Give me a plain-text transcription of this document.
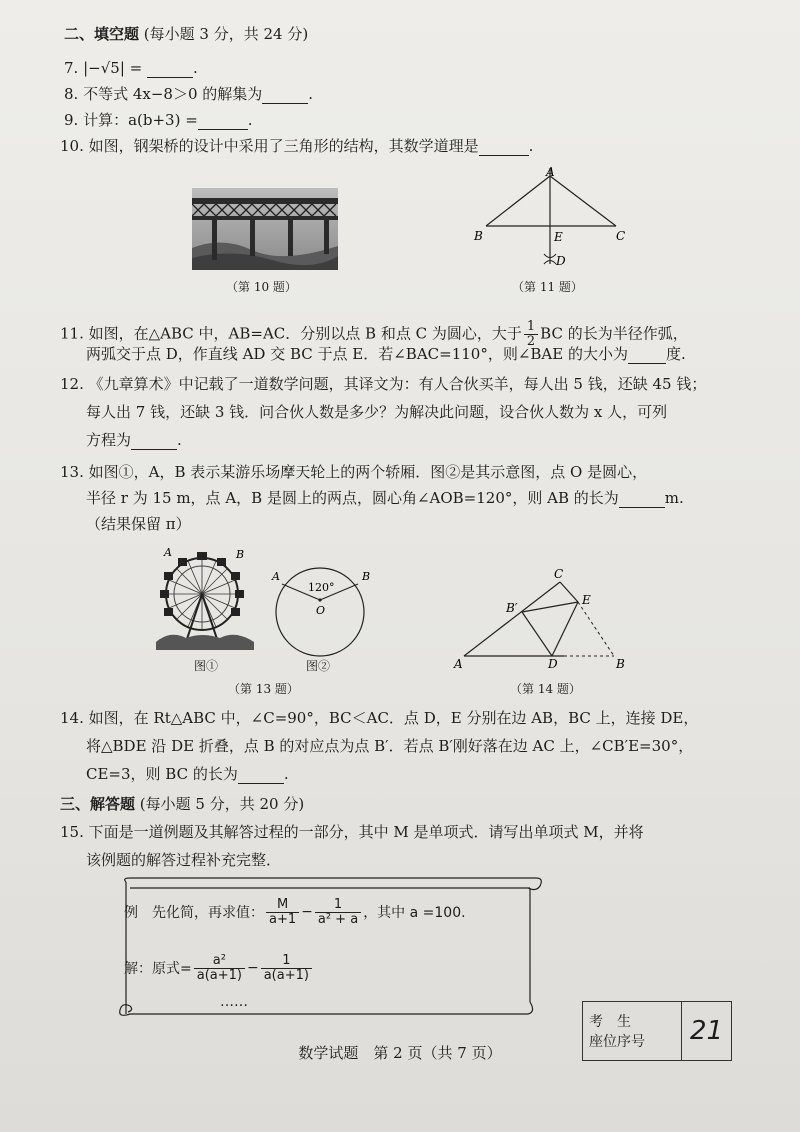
二、填空题 (每小题 3 分，共 24 分)
7. |−√5| =	.
8. 不等式 4x−8＞0 的解集为	.
9. 计算：a(b+3) =	.
10. 如图，钢架桥的设计中采用了三角形的结构，其数学道理是	.
（第 10 题）
A
B	C
E
D
（第 11 题）
11. 如图，在△ABC 中，AB=AC．分别以点 B 和点 C 为圆心，大于 $\frac{1}{2}$ BC 的长为半径作弧，
两弧交于点 D，作直线 AD 交 BC 于点 E．若∠BAC=110°，则∠BAE 的大小为	度.
12. 《九章算术》中记载了一道数学问题，其译文为：有人合伙买羊，每人出 5 钱，还缺 45 钱；
每人出 7 钱，还缺 3 钱．问合伙人数是多少？为解决此问题，设合伙人数为 x 人，可列
方程为	.
13. 如图①，A，B 表示某游乐场摩天轮上的两个轿厢．图②是其示意图，点 O 是圆心，
半径 r 为 15 m，点 A，B 是圆上的两点，圆心角∠AOB=120°，则 AB 的长为	m.
（结果保留 π）
A	B
图①
120°
O
A	B
图②
（第 13 题）
C
E
B′
A	D	B
（第 14 题）
14. 如图，在 Rt△ABC 中，∠C=90°，BC＜AC．点 D，E 分别在边 AB，BC 上，连接 DE，
将△BDE 沿 DE 折叠，点 B 的对应点为点 B′．若点 B′刚好落在边 AC 上，∠CB′E=30°，
CE=3，则 BC 的长为	.
三、解答题 (每小题 5 分，共 20 分)
15. 下面是一道例题及其解答过程的一部分，其中 M 是单项式．请写出单项式 M，并将
该例题的解答过程补充完整．
例　先化简，再求值： $\frac{M}{a+1} - \frac{1}{\text{a² + a}}$ ，其中 a =100.
解：原式= $\frac{\text{a²}}{a(a+1)} - \frac{1}{a(a+1)}$
……
考　生
座位序号	21
数学试题　第 2 页（共 7 页）
